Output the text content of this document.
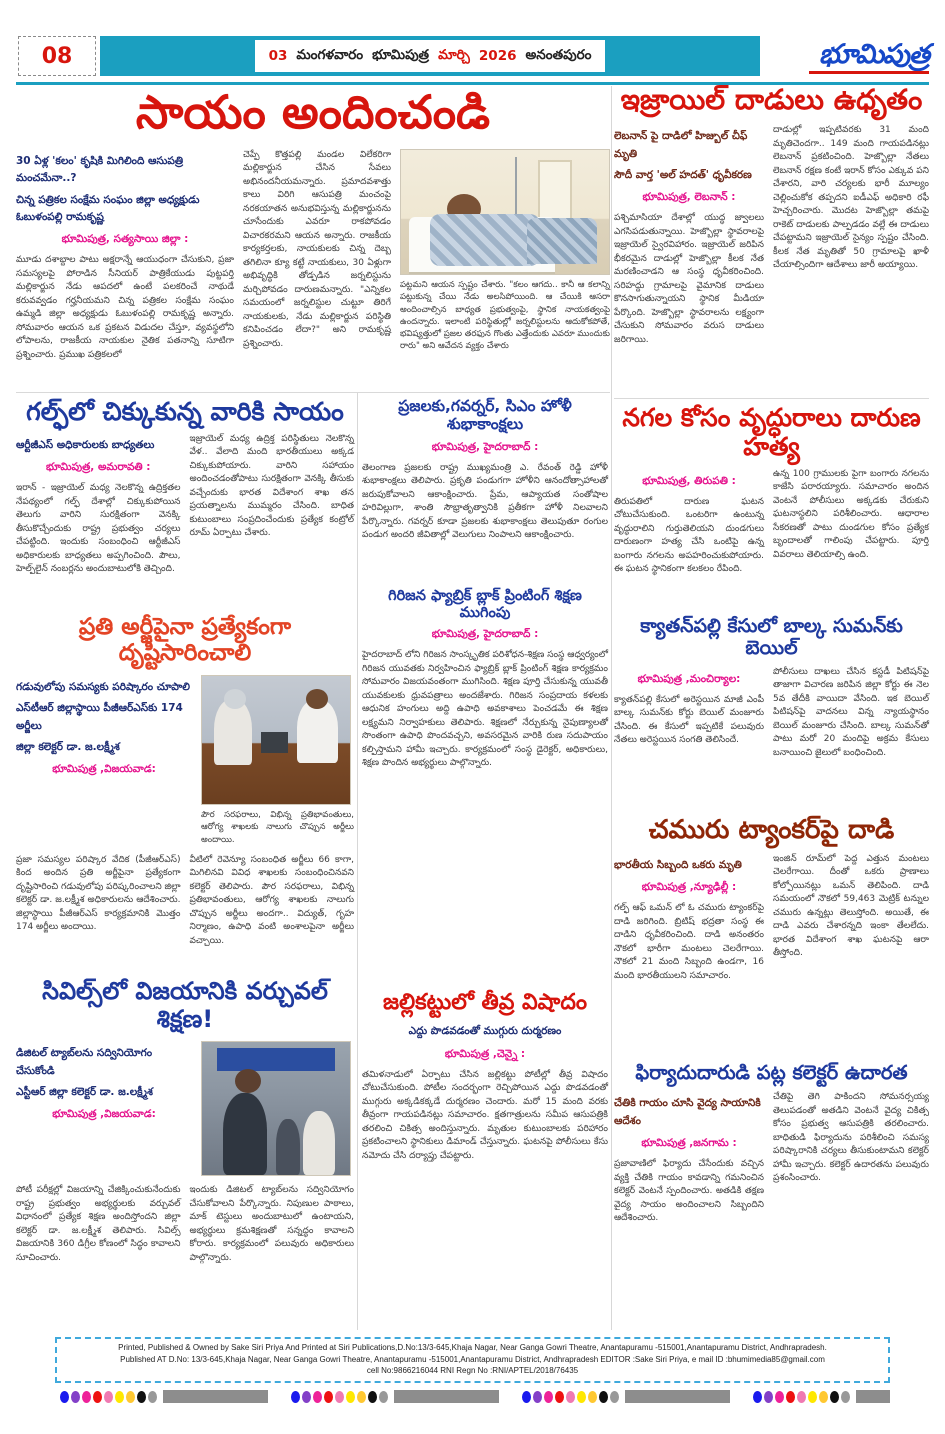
08	03 మంగళవారం భూమిపుత్ర మార్చి 2026 అనంతపురం	భూమిపుత్ర
సాయం అందించండి
30 ఏళ్ల 'కలం' కృషికి మిగిలింది ఆసుపత్రి మంచమేనా..?
చిన్న పత్రికల సంక్షేమ సంఘం జిల్లా అధ్యక్షుడు ఓబుళంపల్లి రామకృష్ణ
భూమిపుత్ర, సత్యసాయి జిల్లా :
మూడు దశాబ్దాల పాటు అక్షరాన్నే ఆయుధంగా చేసుకుని, ప్రజా సమస్యలపై పోరాడిన సీనియర్ పాత్రికేయుడు పుట్టపర్తి మల్లికార్జున నేడు ఆపదలో ఉంటే పలకరించే నాథుడే కరువవ్వడం గర్హనీయమని చిన్న పత్రికల సంక్షేమ సంఘం ఉమ్మడి జిల్లా అధ్యక్షుడు ఓబుళంపల్లి రామకృష్ణ అన్నారు. సోమవారం ఆయన ఒక ప్రకటన విడుదల చేస్తూ, వ్యవస్థలోని లోపాలను, రాజకీయ నాయకుల నైతిక పతనాన్ని సూటిగా ప్రశ్నించారు. ప్రముఖ పత్రికలలో
చెప్పే కొత్తపల్లి మండల విలేకరిగా మల్లికార్జున చేసిన సేవలు అభినందనీయమన్నారు. ప్రమాదవశాత్తు కాలు విరిగి ఆసుపత్రి మంచంపై నరకయాతన అనుభవిస్తున్న మల్లికార్జునను చూసేందుకు ఎవరూ రాకపోవడం విచారకరమని ఆయన అన్నారు. రాజకీయ కార్యకర్తలకు, నాయకులకు చిన్న దెబ్బ తగిలినా క్యూ కట్టే నాయకులు, 30 ఏళ్లుగా అభివృద్ధికి తోడ్పడిన జర్నలిస్టును మర్చిపోవడం దారుణమన్నారు. "ఎన్నికల సమయంలో జర్నలిస్టుల చుట్టూ తిరిగే నాయకులకు, నేడు మల్లికార్జున పరిస్థితి కనిపించడం లేదా?" అని రామకృష్ణ ప్రశ్నించారు.
పట్టమని ఆయన స్పష్టం చేశారు. "కలం ఆగదు.. కానీ ఆ కలాన్ని పట్టుకున్న చేయి నేడు అలసిపోయింది. ఆ చేయికి ఆసరా అందించాల్సిన బాధ్యత ప్రభుత్వంపై, స్థానిక నాయకత్వంపై ఉందన్నారు. ఇలాంటి పరిస్థితుల్లో జర్నలిస్టులను ఆదుకోకపోతే, భవిష్యత్తులో ప్రజల తరఫున గొంతు ఎత్తేందుకు ఎవరూ ముందుకు రారు" అని ఆవేదన వ్యక్తం చేశారు
ఇజ్రాయిల్ దాడులు ఉధృతం
లెబనాన్ పై దాడిలో హిజ్బుల్ చీఫ్ మృతి
సౌదీ వార్త 'అల్ హదత్' ధృవీకరణ
భూమిపుత్ర, లెబనాన్ :
పశ్చిమాసియా దేశాల్లో యుద్ధ జ్వాలలు ఎగసిపడుతున్నాయి. హెజ్బొల్లా స్థావరాలపై ఇజ్రాయెల్ స్వైరవిహారం. ఇజ్రాయెల్ జరిపిన భీకరమైన దాడుల్లో హెజ్బొల్లా కీలక నేత మరణించాడని ఆ సంస్థ ధృవీకరించింది. సరిహద్దు గ్రామాలపై వైమానిక దాడులు కొనసాగుతున్నాయని స్థానిక మీడియా పేర్కొంది. హెజ్బొల్లా స్థావరాలను లక్ష్యంగా చేసుకుని సోమవారం వరుస దాడులు జరిగాయి.
దాడుల్లో ఇప్పటివరకు 31 మంది మృతిచెందగా.. 149 మంది గాయపడినట్లు లెబనాన్ ప్రకటించింది. హెజ్బొల్లా నేతలు లెబనాన్ రక్షణ కంటే ఇరాన్ కోసం ఎక్కువ పని చేశారని, వారి చర్యలకు భారీ మూల్యం చెల్లించుకోక తప్పదని ఐడీఎఫ్ అధికారి రఫీ హెచ్చరించారు. మొదట హెజ్బొల్లా తమపై రాకెట్ దాడులకు పాల్పడడం వల్లే ఈ దాడులు చేపట్టామని ఇజ్రాయెల్ సైన్యం స్పష్టం చేసింది. కీలక నేత మృతితో 50 గ్రామాలపై ఖాళీ చేయాల్సిందిగా ఆదేశాలు జారీ అయ్యాయి.
గల్ఫ్‌లో చిక్కుకున్న వారికి సాయం
ఆర్టీజీఎస్ అధికారులకు బాధ్యతలు
భూమిపుత్ర, అమరావతి :
ఇరాన్ - ఇజ్రాయెల్ మధ్య నెలకొన్న ఉద్రిక్తతల నేపథ్యంలో గల్ఫ్ దేశాల్లో చిక్కుకుపోయిన తెలుగు వారిని సురక్షితంగా వెనక్కి తీసుకొచ్చేందుకు రాష్ట్ర ప్రభుత్వం చర్యలు చేపట్టింది. ఇందుకు సంబంధించి ఆర్టీజీఎస్ అధికారులకు బాధ్యతలు అప్పగించింది. పౌలు, హెల్ప్‌లైన్ నంబర్లను అందుబాటులోకి తెచ్చింది.
ఇజ్రాయెల్ మధ్య ఉద్రిక్త పరిస్థితులు నెలకొన్న వేళ.. వేలాది మంది భారతీయులు అక్కడ చిక్కుకుపోయారు. వారిని సహాయం అందించడంతోపాటు సురక్షితంగా వెనక్కి తీసుకు వచ్చేందుకు భారత విదేశాంగ శాఖ తన ప్రయత్నాలను ముమ్మరం చేసింది. బాధిత కుటుంబాలు సంప్రదించేందుకు ప్రత్యేక కంట్రోల్ రూమ్ ఏర్పాటు చేశారు.
ప్రజలకు,గవర్నర్, సిఎం హోళీ శుభాకాంక్షలు
భూమిపుత్ర, హైదరాబాద్ :
తెలంగాణ ప్రజలకు రాష్ట్ర ముఖ్యమంత్రి ఎ. రేవంత్ రెడ్డి హోళీ శుభాకాంక్షలు తెలిపారు. ప్రకృతి పండుగగా హోళీని ఆనందోత్సాహాలతో జరుపుకోవాలని ఆకాంక్షించారు. ప్రేమ, ఆప్యాయత సంతోషాల హరివిల్లుగా, శాంతి సౌభ్రాతృత్వానికి ప్రతీకగా హోళీ నిలవాలని పేర్కొన్నారు. గవర్నర్ కూడా ప్రజలకు శుభాకాంక్షలు తెలుపుతూ రంగుల పండుగ అందరి జీవితాల్లో వెలుగులు నింపాలని ఆకాంక్షించారు.
నగల కోసం వృద్ధురాలు దారుణ హత్య
భూమిపుత్ర, తిరుపతి :
తిరుపతిలో దారుణ ఘటన చోటుచేసుకుంది. ఒంటరిగా ఉంటున్న వృద్ధురాలిని గుర్తుతెలియని దుండగులు దారుణంగా హత్య చేసి ఒంటిపై ఉన్న బంగారు నగలను అపహరించుకుపోయారు. ఈ ఘటన స్థానికంగా కలకలం రేపింది.
ఉన్న 100 గ్రాములకు పైగా బంగారు నగలను కాజేసి పరారయ్యారు. సమాచారం అందిన వెంటనే పోలీసులు అక్కడకు చేరుకుని ఘటనాస్థలిని పరిశీలించారు. ఆధారాల సేకరణతో పాటు దుండగుల కోసం ప్రత్యేక బృందాలతో గాలింపు చేపట్టారు. పూర్తి వివరాలు తెలియాల్సి ఉంది.
ప్రతి అర్జీపైనా ప్రత్యేకంగా దృష్టిసారించాలి
గడువులోపు సమస్యకు పరిష్కారం చూపాలి
ఎస్‌టీఆర్ జిల్లాస్థాయి పీజీఆర్ఎస్‌కు 174 అర్జీలు
జిల్లా కలెక్టర్ డా. జ.లక్ష్మీశ
భూమిపుత్ర ,విజయవాడ:
పౌర సరఫరాలు, విభిన్న ప్రతిభావంతులు, ఆరోగ్య శాఖలకు నాలుగు చొప్పున అర్జీలు అందాయి.
ప్రజా సమస్యల పరిష్కార వేదిక (పీజీఆర్ఎస్) కింద అందిన ప్రతి అర్జీపైనా ప్రత్యేకంగా దృష్టిసారించి గడువులోపు పరిష్కరించాలని జిల్లా కలెక్టర్ డా. జ.లక్ష్మీశ అధికారులను ఆదేశించారు. జిల్లాస్థాయి పీజీఆర్ఎస్ కార్యక్రమానికి మొత్తం 174 అర్జీలు అందాయి.
వీటిలో రెవెన్యూ సంబంధిత అర్జీలు 66 కాగా, మిగిలినవి వివిధ శాఖలకు సంబంధించినవని కలెక్టర్ తెలిపారు. పౌర సరఫరాలు, విభిన్న ప్రతిభావంతులు, ఆరోగ్య శాఖలకు నాలుగు చొప్పున అర్జీలు అందగా.. విద్యుత్, గృహ నిర్మాణం, ఉపాధి వంటి అంశాలపైనా అర్జీలు వచ్చాయి.
గిరిజన ఫ్యాబ్రిక్ బ్లాక్ ప్రింటింగ్ శిక్షణ ముగింపు
భూమిపుత్ర, హైదరాబాద్ :
హైదరాబాద్ లోని గిరిజన సాంస్కృతిక పరిశోధన-శిక్షణ సంస్థ ఆధ్వర్యంలో గిరిజన యువతకు నిర్వహించిన ఫ్యాబ్రిక్ బ్లాక్ ప్రింటింగ్ శిక్షణ కార్యక్రమం సోమవారం విజయవంతంగా ముగిసింది. శిక్షణ పూర్తి చేసుకున్న యువతీ యువకులకు ధ్రువపత్రాలు అందజేశారు. గిరిజన సంప్రదాయ కళలకు ఆధునిక హంగులు అద్ది ఉపాధి అవకాశాలు పెంచడమే ఈ శిక్షణ లక్ష్యమని నిర్వాహకులు తెలిపారు. శిక్షణలో నేర్చుకున్న నైపుణ్యాలతో సొంతంగా ఉపాధి పొందవచ్చని, అవసరమైన వారికి రుణ సదుపాయం కల్పిస్తామని హామీ ఇచ్చారు. కార్యక్రమంలో సంస్థ డైరెక్టర్, అధికారులు, శిక్షణ పొందిన అభ్యర్థులు పాల్గొన్నారు.
క్యాతన్‌పల్లి కేసులో బాల్క సుమన్‌కు బెయిల్
భూమిపుత్ర ,మంచిర్యాల:
క్యాతన్‌పల్లి కేసులో అరెస్టయిన మాజీ ఎంపీ బాల్క సుమన్‌కు కోర్టు బెయిల్ మంజూరు చేసింది. ఈ కేసులో ఇప్పటికే పలువురు నేతలు అరెస్టయిన సంగతి తెలిసిందే.
పోలీసులు దాఖలు చేసిన కస్టడీ పిటిషన్‌పై తాజాగా విచారణ జరిపిన జిల్లా కోర్టు ఈ నెల 5వ తేదీకి వాయిదా వేసింది. ఇక బెయిల్ పిటిషన్‌పై వాదనలు విన్న న్యాయస్థానం బెయిల్ మంజూరు చేసింది. బాల్క సుమన్‌తో పాటు మరో 20 మందిపై అక్రమ కేసులు బనాయించి జైలులో బంధించింది.
చమురు ట్యాంకర్‌పై దాడి
భారతీయ సిబ్బంది ఒకరు మృతి
భూమిపుత్ర ,న్యూఢిల్లీ :
గల్ఫ్ ఆఫ్ ఒమన్ లో ఓ చమురు ట్యాంకర్‌పై దాడి జరిగింది. బ్రిటిష్ భద్రతా సంస్థ ఈ దాడిని ధృవీకరించింది. దాడి అనంతరం నౌకలో భారీగా మంటలు చెలరేగాయి. నౌకలో 21 మంది సిబ్బంది ఉండగా, 16 మంది భారతీయులని సమాచారం.
ఇంజిన్ రూమ్‌లో పెద్ద ఎత్తున మంటలు చెలరేగాయి. దీంతో ఒకరు ప్రాణాలు కోల్పోయినట్లు ఒమన్ తెలిపింది. దాడి సమయంలో నౌకలో 59,463 మెట్రిక్ టన్నుల చమురు ఉన్నట్లు తెలుస్తోంది. అయితే, ఈ దాడి ఎవరు చేశారన్నది ఇంకా తేలలేదు. భారత విదేశాంగ శాఖ ఘటనపై ఆరా తీస్తోంది.
సివిల్స్‌లో విజయానికి వర్చువల్ శిక్షణ!
డిజిటల్ ట్యాబ్‌లను సద్వినియోగం చేసుకోండి
ఎస్టీఆర్ జిల్లా కలెక్టర్ డా. జ.లక్ష్మీశ
భూమిపుత్ర ,విజయవాడ:
పోటీ పరీక్షల్లో విజయాన్ని చేజిక్కించుకునేందుకు రాష్ట్ర ప్రభుత్వం అభ్యర్థులకు వర్చువల్ విధానంలో ప్రత్యేక శిక్షణ అందిస్తోందని జిల్లా కలెక్టర్ డా. జ.లక్ష్మీశ తెలిపారు. సివిల్స్ విజయానికి 360 డిగ్రీల కోణంలో సిద్ధం కావాలని సూచించారు.
ఇందుకు డిజిటల్ ట్యాబ్‌లను సద్వినియోగం చేసుకోవాలని పేర్కొన్నారు. నిపుణుల పాఠాలు, మాక్ టెస్టులు అందుబాటులో ఉంటాయని, అభ్యర్థులు క్రమశిక్షణతో సన్నద్ధం కావాలని కోరారు. కార్యక్రమంలో పలువురు అధికారులు పాల్గొన్నారు.
జల్లికట్టులో తీవ్ర విషాదం
ఎద్దు పొడవడంతో ముగ్గురు దుర్మరణం
భూమిపుత్ర ,చెన్నై :
తమిళనాడులో ఏర్పాటు చేసిన జల్లికట్టు పోటీల్లో తీవ్ర విషాదం చోటుచేసుకుంది. పోటీల సందర్భంగా రెచ్చిపోయిన ఎద్దు పొడవడంతో ముగ్గురు అక్కడికక్కడే దుర్మరణం చెందారు. మరో 15 మంది వరకు తీవ్రంగా గాయపడినట్లు సమాచారం. క్షతగాత్రులను సమీప ఆసుపత్రికి తరలించి చికిత్స అందిస్తున్నారు. మృతుల కుటుంబాలకు పరిహారం ప్రకటించాలని స్థానికులు డిమాండ్ చేస్తున్నారు. ఘటనపై పోలీసులు కేసు నమోదు చేసి దర్యాప్తు చేపట్టారు.
ఫిర్యాదుదారుడి పట్ల కలెక్టర్ ఉదారత
చేతికి గాయం చూసి వైద్య సాయానికి ఆదేశం
భూమిపుత్ర ,జనగామ :
ప్రజావాణిలో ఫిర్యాదు చేసేందుకు వచ్చిన వ్యక్తి చేతికి గాయం కావడాన్ని గమనించిన కలెక్టర్ వెంటనే స్పందించారు. అతడికి తక్షణ వైద్య సాయం అందించాలని సిబ్బందిని ఆదేశించారు.
చేతిపై తెగి పాకిందని సోమనర్సయ్య తెలుపడంతో అతడిని వెంటనే వైద్య చికిత్స కోసం ప్రభుత్వ ఆసుపత్రికి తరలించారు. బాధితుడి ఫిర్యాదును పరిశీలించి సమస్య పరిష్కారానికి చర్యలు తీసుకుంటామని కలెక్టర్ హామీ ఇచ్చారు. కలెక్టర్ ఉదారతను పలువురు ప్రశంసించారు.
Printed, Published & Owned by Sake Siri Priya And Printed at Siri Publications,D.No:13/3-645,Khaja Nagar, Near Ganga Gowri Theatre, Anantapuramu -515001,Anantapuramu District, Andhrapradesh.
Published AT D.No: 13/3-645,Khaja Nagar, Near Ganga Gowri Theatre, Anantapuramu -515001,Anantapuramu District, Andhrapradesh EDITOR :Sake Siri Priya, e mail ID :bhumimedia85@gmail.com
cell No:9866216044 RNI Regn No :RNI/APTEL/2018/76435
